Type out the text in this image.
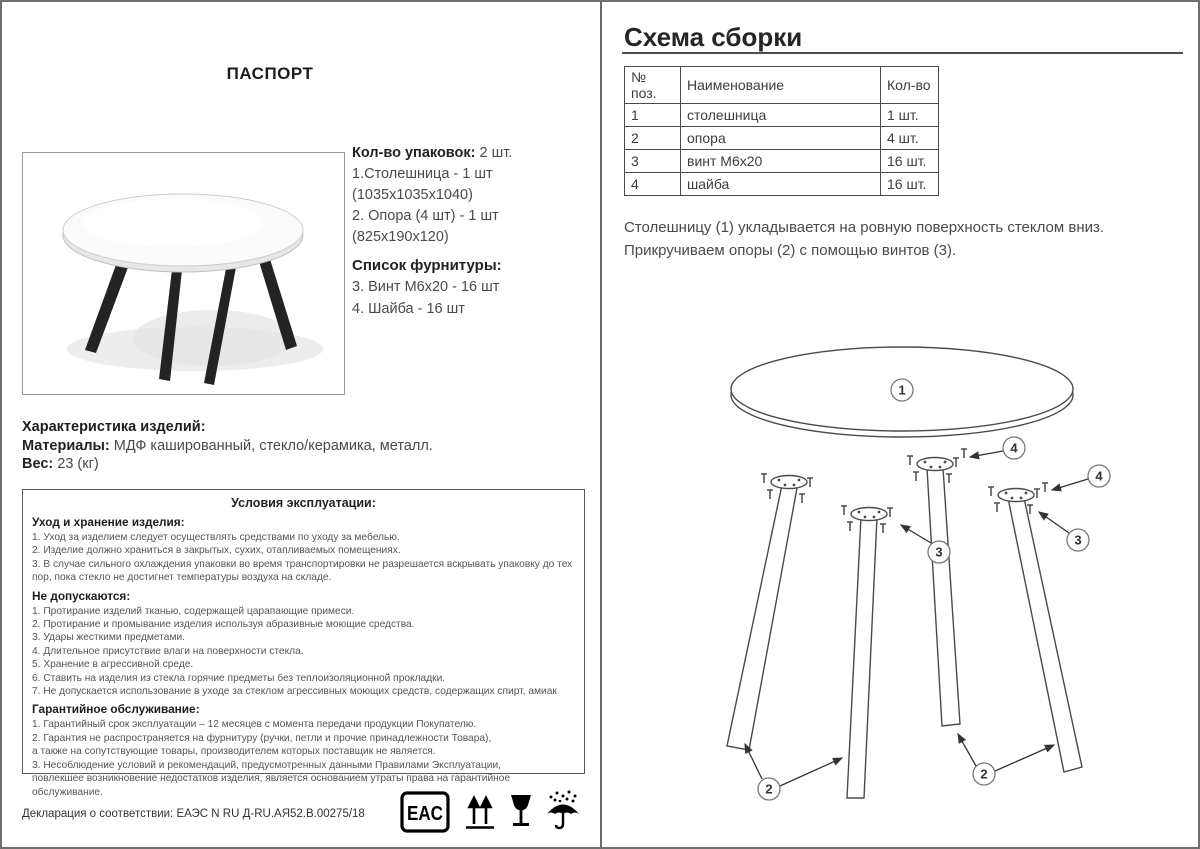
ПАСПОРТ
Кол-во упаковок: 2 шт.
1.Столешница - 1 шт
(1035х1035х1040)
2. Опора (4 шт) - 1 шт
(825х190х120)
Список фурнитуры:
3. Винт М6х20 - 16 шт
4. Шайба - 16 шт
Характеристика изделий:
Материалы: МДФ кашированный, стекло/керамика, металл.
Вес: 23 (кг)
Условия эксплуатации:
Уход и хранение изделия:
1. Уход за изделием следует осуществлять средствами по уходу за мебелью.
2. Изделие должно храниться в закрытых, сухих, отапливаемых помещениях.
3. В случае сильного охлаждения упаковки во время транспортировки не разрешается вскрывать упаковку до тех пор, пока стекло не достигнет температуры воздуха на складе.
Не допускаются:
1. Протирание изделий тканью, содержащей царапающие примеси.
2. Протирание и промывание изделия используя абразивные моющие средства.
3. Удары жесткими предметами.
4. Длительное присутствие влаги на поверхности стекла.
5. Хранение в агрессивной среде.
6. Ставить на изделия из стекла горячие предметы без теплоизоляционной прокладки.
7. Не допускается использование в уходе за стеклом агрессивных моющих средств, содержащих спирт, амиак
Гарантийное обслуживание:
1. Гарантийный срок эксплуатации – 12 месяцев с момента передачи продукции Покупателю.
2. Гарантия не распространяется на фурнитуру (ручки, петли и прочие принадлежности Товара),
а также на сопутствующие товары, производителем которых поставщик не является.
3. Несоблюдение условий и рекомендаций, предусмотренных данными Правилами Эксплуатации,
повлекшее возникновение недостатков изделия, является основанием утраты права на гарантийное обслуживание.
Декларация о соответствии: ЕАЭС N RU Д-RU.АЯ52.В.00275/18 EAC
Схема сборки
№ поз.	Наименование	Кол-во
1	столешница	1 шт.
2	опора	4 шт.
3	винт М6х20	16 шт.
4	шайба	16 шт.
Столешницу (1) укладывается на ровную поверхность стеклом вниз.
Прикручиваем опоры (2) с помощью винтов (3).
1
4
4
3
3
2
2
